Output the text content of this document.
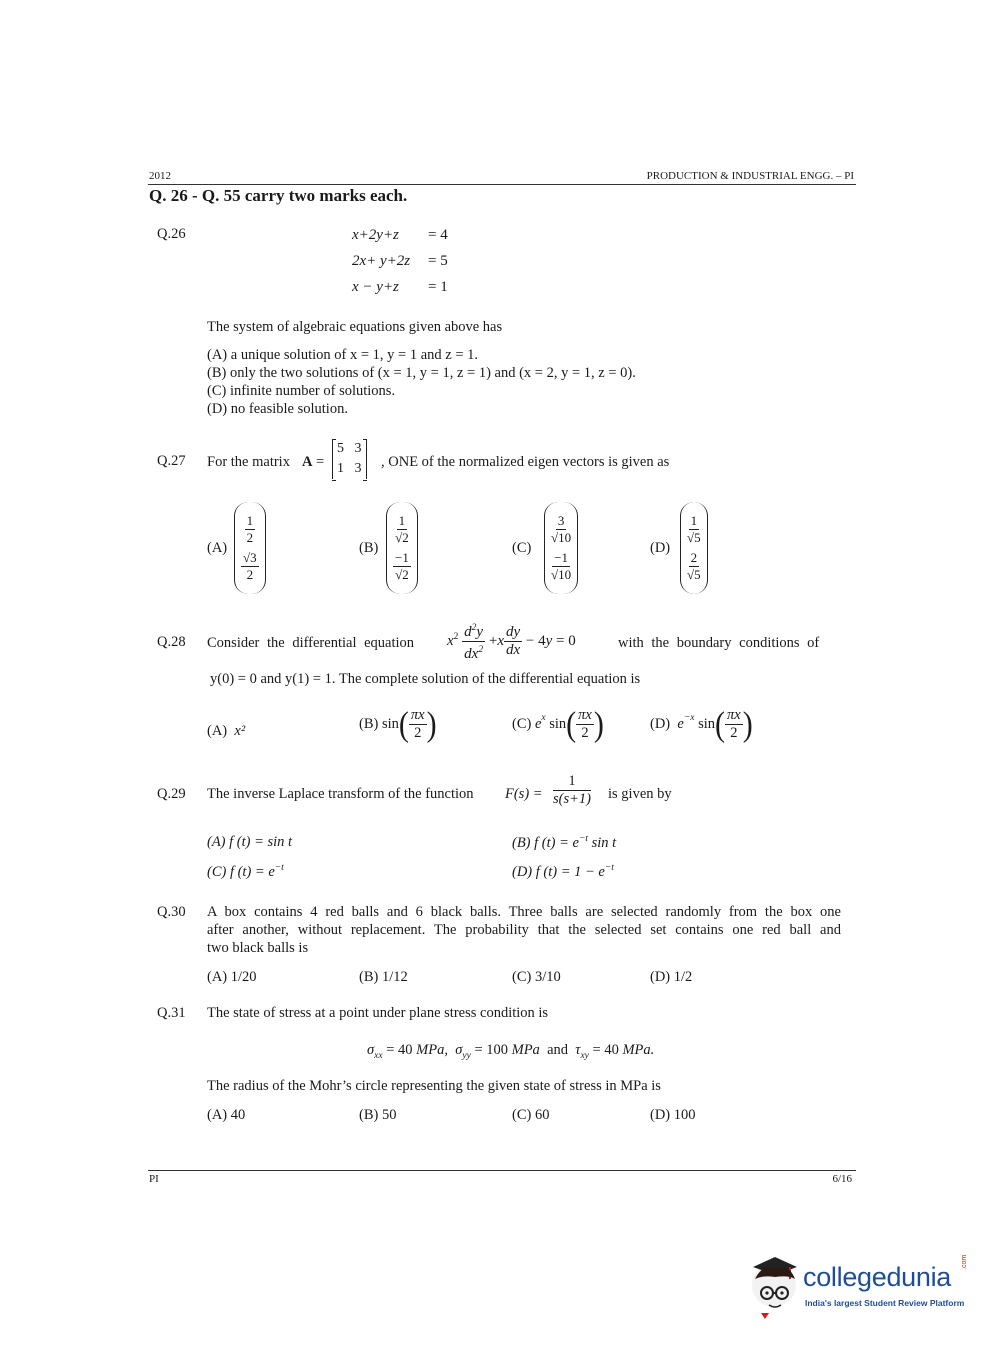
2012	PRODUCTION & INDUSTRIAL ENGG. – PI
Q. 26 - Q. 55 carry two marks each.
Q.26	x+2y+z = 4
2x+ y+2z = 5
x − y+z = 1
The system of algebraic equations given above has
(A) a unique solution of x = 1, y = 1 and z = 1.
(B) only the two solutions of (x = 1, y = 1, z = 1) and (x = 2, y = 1, z = 0).
(C) infinite number of solutions.
(D) no feasible solution.
Q.27 For the matrix A =
5 3
1 3 , ONE of the normalized eigen vectors is given as
(A)
$\frac{1}{2}$
$\frac{√3}{2}$
(B)
$\frac{1}{√2}$
$\frac{-1}{√2}$
(C)
$\frac{3}{√10}$
$\frac{-1}{√10}$
(D)
$\frac{1}{√5}$
$\frac{2}{√5}$
Q.28 Consider the differential equation $x^2 \frac{d^2y}{dx^2} +x \frac{dy}{dx} - 4y = 0$	with the boundary conditions of
y(0) = 0 and y(1) = 1. The complete solution of the differential equation is
(A) x²	(B) sin ( $\frac{\pi x}{2}$ )	(C) $e^x$
sin ( $\frac{\pi x}{2}$ )	(D) $e^{-x}$
sin ( $\frac{\pi x}{2}$ )
Q.29 The inverse Laplace transform of the function $F(s) = \frac{1}{s(s+1)}$ is given by
(A) f (t) = sin t	(B) f $(t) = e^{-t}$ sin t
(C) f $(t) = e^{-t}$	(D) f $(t) = 1 - e^{-t}$
Q.30 A box contains 4 red balls and 6 black balls. Three balls are selected randomly from the box one
after another, without replacement. The probability that the selected set contains one red ball and
two black balls is
(A) 1/20	(B) 1/12	(C) 3/10	(D) 1/2
Q.31 The state of stress at a point under plane stress condition is
$\sigma_{xx} = 40$ MPa, $\sigma_{yy} = 100$ MPa and $\tau_{xy} = 40$ MPa.
The radius of the Mohr’s circle representing the given state of stress in MPa is
(A) 40	(B) 50	(C) 60	(D) 100
PI	6/16
collegedunia .com
India's largest Student Review Platform
